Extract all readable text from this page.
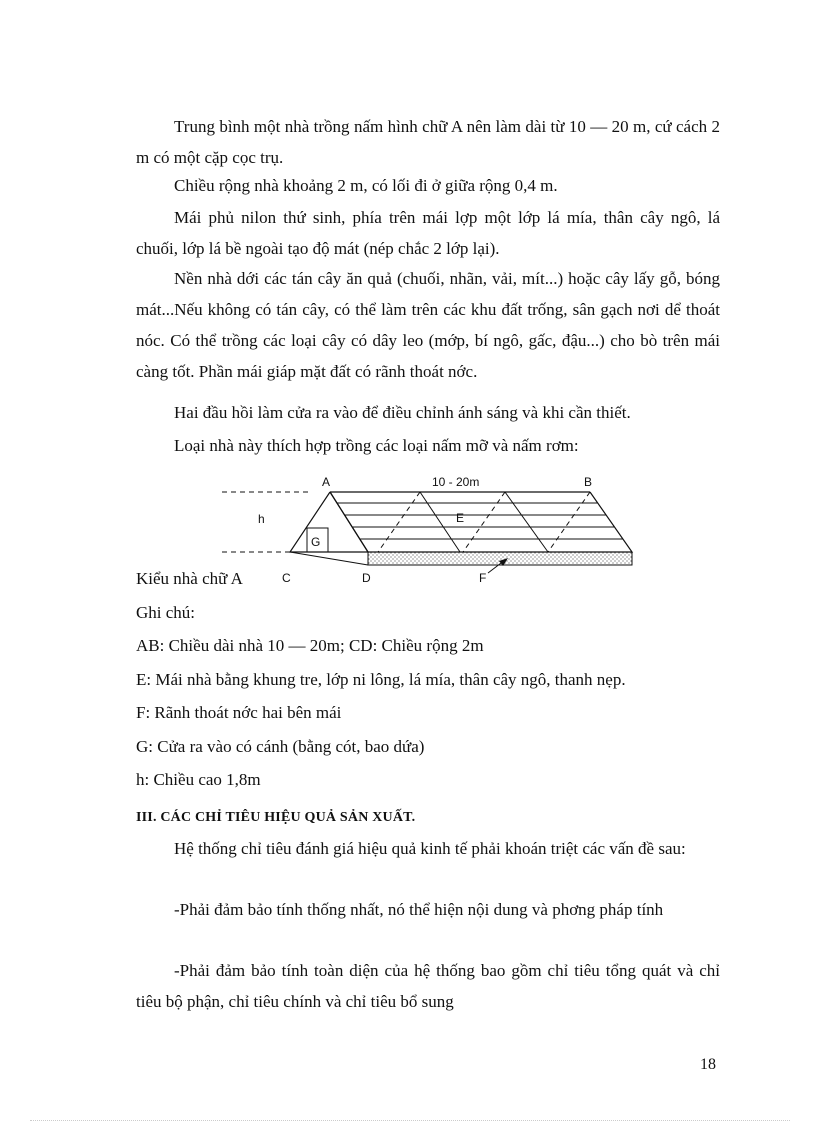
Trung bình một nhà trồng nấm hình chữ A nên làm dài từ 10 — 20 m, cứ cách 2 m có một cặp cọc trụ.

Chiều rộng nhà khoảng 2 m, có lối đi ở giữa rộng 0,4 m.

Mái phủ nilon thứ sinh, phía trên mái lợp một lớp lá mía, thân cây ngô, lá chuối, lớp lá bề ngoài tạo độ mát (nép chắc 2 lớp lại).

Nền nhà dới các tán cây ăn quả (chuối, nhãn, vải, mít...) hoặc cây lấy gỗ, bóng mát...Nếu không có tán cây, có thể làm trên các khu đất trống, sân gạch nơi dể thoát nóc. Có thể trồng các loại cây có dây leo (mớp, bí ngô, gấc, đậu...) cho bò trên mái càng tốt. Phần mái giáp mặt đất có rãnh thoát nớc.

Hai đầu hồi làm cửa ra vào để điều chỉnh ánh sáng và khi cần thiết.

Loại nhà này thích hợp trồng các loại nấm mỡ và nấm rơm:

A	10 - 20m	B
h	E
G
C	D	F

Kiểu nhà chữ A

Ghi chú:

AB: Chiều dài nhà 10 — 20m; CD: Chiều rộng 2m

E: Mái nhà bằng khung tre, lớp ni lông, lá mía, thân cây ngô, thanh nẹp.

F: Rãnh thoát nớc hai bên mái

G: Cửa ra vào có cánh (bằng cót, bao dứa)

h: Chiều cao 1,8m

III. CÁC CHỈ TIÊU HIỆU QUẢ SẢN XUẤT.

Hệ thống chỉ tiêu đánh giá hiệu quả kinh tế phải khoán triệt các vấn đề sau:

-Phải đảm bảo tính thống nhất, nó thể hiện nội dung và phơng pháp tính

-Phải đảm bảo tính toàn diện của hệ thống bao gồm chỉ tiêu tổng quát và chỉ tiêu bộ phận, chỉ tiêu chính và chỉ tiêu bổ sung

18
